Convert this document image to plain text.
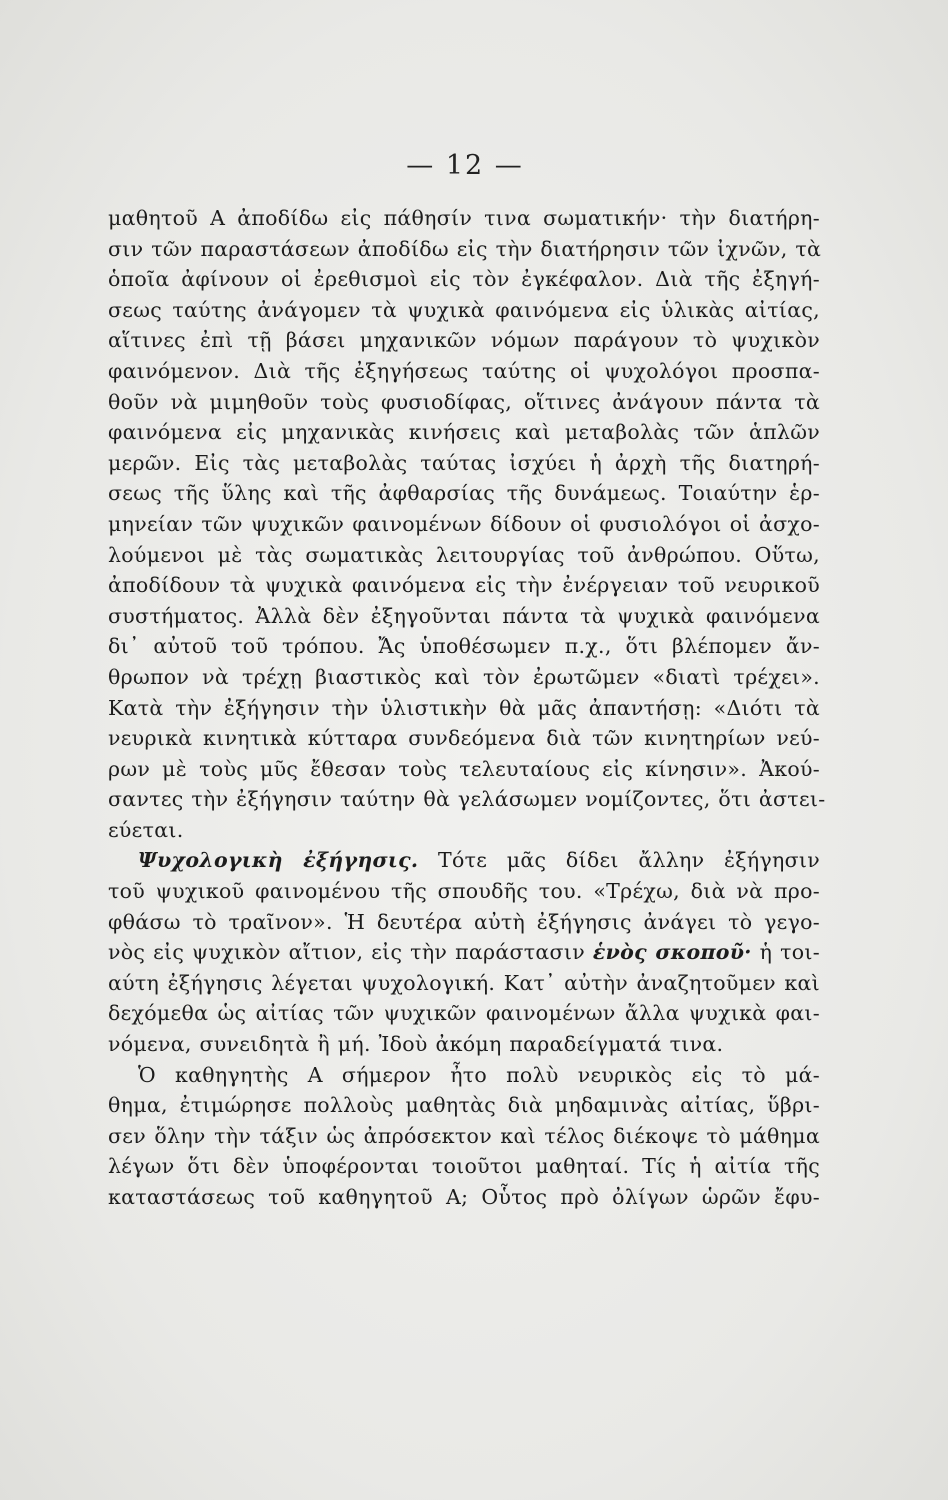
— 12 —
μαθητοῦ Α ἀποδίδω εἰς πάθησίν τινα σωματικήν· τὴν διατήρη-
σιν τῶν παραστάσεων ἀποδίδω εἰς τὴν διατήρησιν τῶν ἰχνῶν, τὰ
ὁποῖα ἀφίνουν οἱ ἐρεθισμοὶ εἰς τὸν ἐγκέφαλον. Διὰ τῆς ἐξηγή-
σεως ταύτης ἀνάγομεν τὰ ψυχικὰ φαινόμενα εἰς ὑλικὰς αἰτίας,
αἵτινες ἐπὶ τῇ βάσει μηχανικῶν νόμων παράγουν τὸ ψυχικὸν
φαινόμενον. Διὰ τῆς ἐξηγήσεως ταύτης οἱ ψυχολόγοι προσπα-
θοῦν νὰ μιμηθοῦν τοὺς φυσιοδίφας, οἵτινες ἀνάγουν πάντα τὰ
φαινόμενα εἰς μηχανικὰς κινήσεις καὶ μεταβολὰς τῶν ἁπλῶν
μερῶν. Εἰς τὰς μεταβολὰς ταύτας ἰσχύει ἡ ἀρχὴ τῆς διατηρή-
σεως τῆς ὕλης καὶ τῆς ἀφθαρσίας τῆς δυνάμεως. Τοιαύτην ἑρ-
μηνείαν τῶν ψυχικῶν φαινομένων δίδουν οἱ φυσιολόγοι οἱ ἀσχο-
λούμενοι μὲ τὰς σωματικὰς λειτουργίας τοῦ ἀνθρώπου. Οὕτω,
ἀποδίδουν τὰ ψυχικὰ φαινόμενα εἰς τὴν ἐνέργειαν τοῦ νευρικοῦ
συστήματος. Ἀλλὰ δὲν ἐξηγοῦνται πάντα τὰ ψυχικὰ φαινόμενα
δι᾽ αὐτοῦ τοῦ τρόπου. Ἄς ὑποθέσωμεν π.χ., ὅτι βλέπομεν ἄν-
θρωπον νὰ τρέχῃ βιαστικὸς καὶ τὸν ἐρωτῶμεν «διατὶ τρέχει».
Κατὰ τὴν ἐξήγησιν τὴν ὑλιστικὴν θὰ μᾶς ἀπαντήσῃ: «Διότι τὰ
νευρικὰ κινητικὰ κύτταρα συνδεόμενα διὰ τῶν κινητηρίων νεύ-
ρων μὲ τοὺς μῦς ἔθεσαν τοὺς τελευταίους εἰς κίνησιν». Ἀκού-
σαντες τὴν ἐξήγησιν ταύτην θὰ γελάσωμεν νομίζοντες, ὅτι ἀστει-
εύεται.
Ψυχολογικὴ ἐξήγησις. Τότε μᾶς δίδει ἄλλην ἐξήγησιν
τοῦ ψυχικοῦ φαινομένου τῆς σπουδῆς του. «Τρέχω, διὰ νὰ προ-
φθάσω τὸ τραῖνον». Ἡ δευτέρα αὐτὴ ἐξήγησις ἀνάγει τὸ γεγο-
νὸς εἰς ψυχικὸν αἴτιον, εἰς τὴν παράστασιν ἑνὸς σκοποῦ· ἡ τοι-
αύτη ἐξήγησις λέγεται ψυχολογική. Κατ᾽ αὐτὴν ἀναζητοῦμεν καὶ
δεχόμεθα ὡς αἰτίας τῶν ψυχικῶν φαινομένων ἄλλα ψυχικὰ φαι-
νόμενα, συνειδητὰ ἢ μή. Ἰδοὺ ἀκόμη παραδείγματά τινα.
Ὁ καθηγητὴς Α σήμερον ἦτο πολὺ νευρικὸς εἰς τὸ μά-
θημα, ἐτιμώρησε πολλοὺς μαθητὰς διὰ μηδαμινὰς αἰτίας, ὕβρι-
σεν ὅλην τὴν τάξιν ὡς ἀπρόσεκτον καὶ τέλος διέκοψε τὸ μάθημα
λέγων ὅτι δὲν ὑποφέρονται τοιοῦτοι μαθηταί. Τίς ἡ αἰτία τῆς
καταστάσεως τοῦ καθηγητοῦ Α; Οὗτος πρὸ ὀλίγων ὡρῶν ἔφυ-
